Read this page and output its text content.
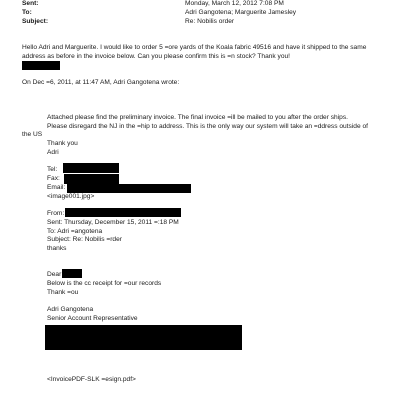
Sent:	Monday, March 12, 2012 7:08 PM
To:	Adri Gangotena; Marguerite Jamesley
Subject:	Re: Nobilis order
Hello Adri and Marguerite. I would like to order 5 =ore yards of the Koala fabric 49516 and have it shipped to the same
address as before in the invoice below. Can you please confirm this is =n stock? Thank you!
On Dec =6, 2011, at 11:47 AM, Adri Gangotena wrote:
Attached please find the preliminary invoice. The final invoice =ill be mailed to you after the order ships.
Please disregard the NJ in the =hip to address. This is the only way our system will take an =ddress outside of
the US
Thank you
Adri
Tel:
Fax:
Email:
<image001.jpg>
From:
Sent: Thursday, December 15, 2011 =:18 PM
To: Adri =angotena
Subject: Re: Nobilis =rder
thanks
Dear
Below is the cc receipt for =our records
Thank =ou
Adri Gangotena
Senior Account Representative
<InvoicePDF-SLK =esign.pdf>
